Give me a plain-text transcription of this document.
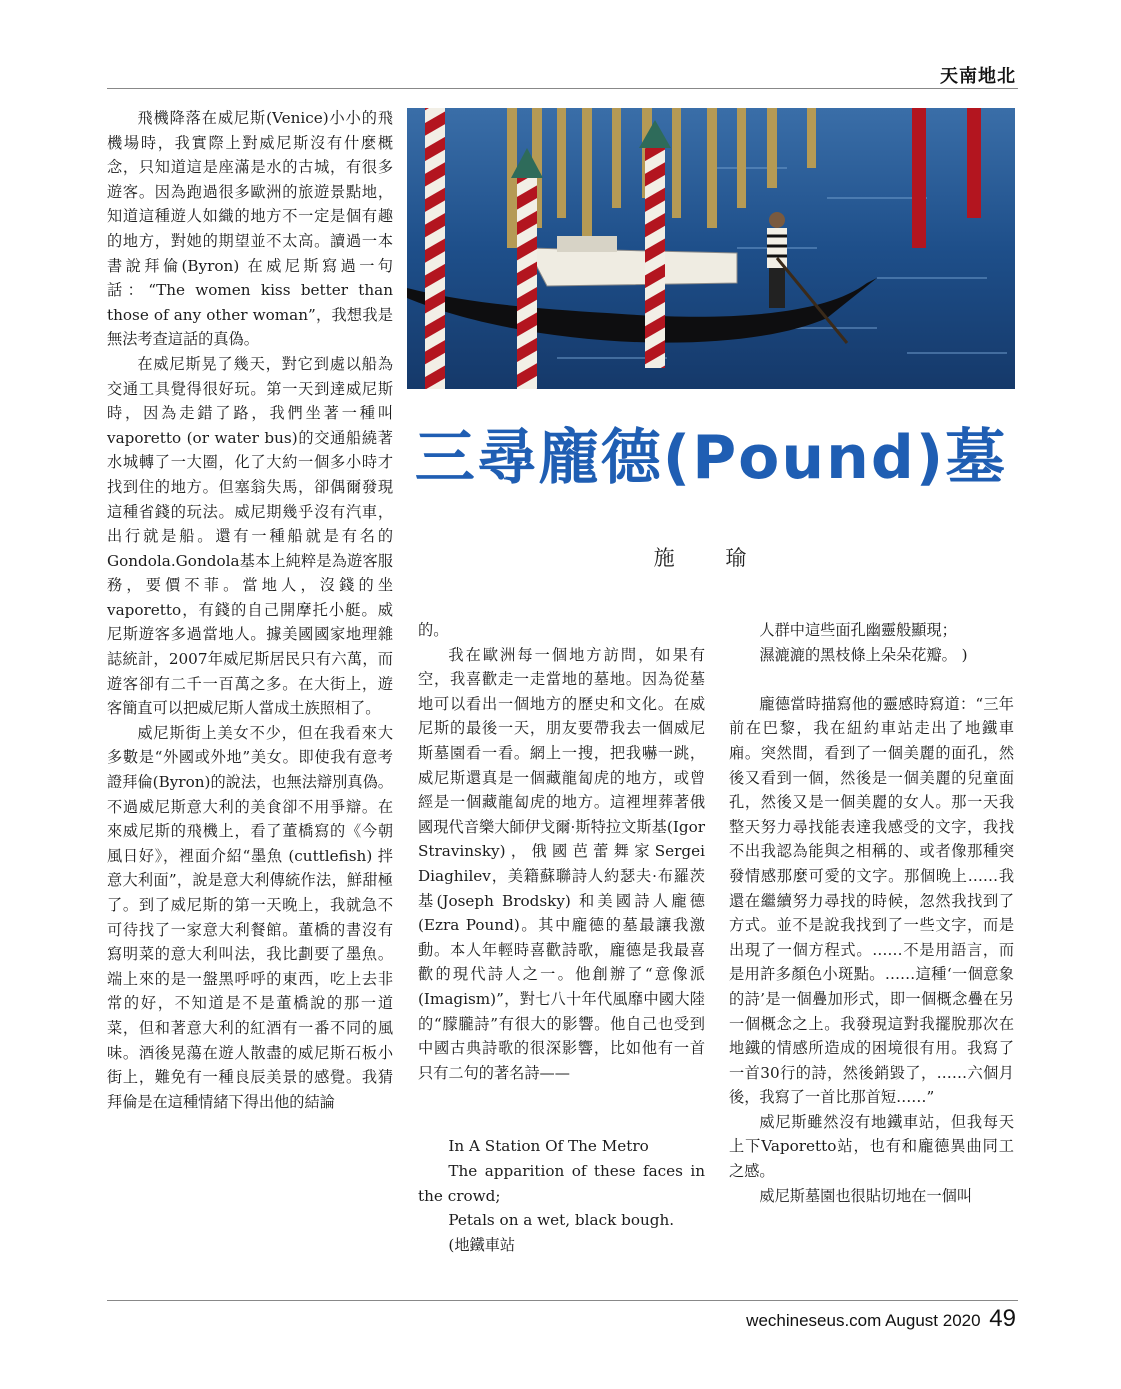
天南地北
三尋龐德(Pound)墓
施 瑜

飛機降落在威尼斯(Venice)小小的飛機場時，我實際上對威尼斯沒有什麼概念，只知道這是座滿是水的古城，有很多遊客。因為跑過很多歐洲的旅遊景點地，知道這種遊人如織的地方不一定是個有趣的地方，對她的期望並不太高。讀過一本書說拜倫(Byron) 在威尼斯寫過一句話：“The women kiss better than those of any other woman”，我想我是無法考查這話的真偽。

在威尼斯晃了幾天，對它到處以船為交通工具覺得很好玩。第一天到達威尼斯時，因為走錯了路，我們坐著一種叫vaporetto (or water bus)的交通船繞著水城轉了一大圈，化了大約一個多小時才找到住的地方。但塞翁失馬，卻偶爾發現這種省錢的玩法。威尼期幾乎沒有汽車，出行就是船。還有一種船就是有名的Gondola.Gondola基本上純粹是為遊客服務，要價不菲。當地人，沒錢的坐vaporetto，有錢的自己開摩托小艇。威尼斯遊客多過當地人。據美國國家地理雜誌統計，2007年威尼斯居民只有六萬，而遊客卻有二千一百萬之多。在大街上，遊客簡直可以把威尼斯人當成土族照相了。

威尼斯街上美女不少，但在我看來大多數是“外國或外地”美女。即使我有意考證拜倫(Byron)的說法，也無法辯別真偽。不過威尼斯意大利的美食卻不用爭辯。在來威尼斯的飛機上，看了董橋寫的《今朝風日好》，裡面介紹“墨魚 (cuttlefish) 拌意大利面”，說是意大利傳統作法，鮮甜極了。到了威尼斯的第一天晚上，我就急不可待找了一家意大利餐館。董橋的書沒有寫明菜的意大利叫法，我比劃要了墨魚。端上來的是一盤黑呼呼的東西，吃上去非常的好，不知道是不是董橋說的那一道菜，但和著意大利的紅酒有一番不同的風味。酒後晃蕩在遊人散盡的威尼斯石板小街上，難免有一種良辰美景的感覺。我猜拜倫是在這種情緒下得出他的結論

的。

我在歐洲每一個地方訪問，如果有空，我喜歡走一走當地的墓地。因為從墓地可以看出一個地方的歷史和文化。在威尼斯的最後一天，朋友要帶我去一個威尼斯墓園看一看。網上一搜，把我嚇一跳，威尼斯還真是一個藏龍匐虎的地方，或曾經是一個藏龍匐虎的地方。這裡埋葬著俄國現代音樂大師伊戈爾·斯特拉文斯基(Igor Stravinsky)，俄國芭蕾舞家Sergei Diaghilev，美籍蘇聯詩人約瑟夫·布羅茨基(Joseph Brodsky) 和美國詩人龐德(Ezra Pound)。其中龐德的墓最讓我激動。本人年輕時喜歡詩歌，龐德是我最喜歡的現代詩人之一。他創辦了“意像派 (Imagism)”，對七八十年代風靡中國大陸的“朦朧詩”有很大的影響。他自己也受到中國古典詩歌的很深影響，比如他有一首只有二句的著名詩——

In A Station Of The Metro

The apparition of these faces in the crowd;

Petals on a wet, black bough.

(地鐵車站

人群中這些面孔幽靈般顯現；

濕漉漉的黑枝條上朵朵花瓣。 )

龐德當時描寫他的靈感時寫道：“三年前在巴黎，我在紐約車站走出了地鐵車廂。突然間，看到了一個美麗的面孔，然後又看到一個，然後是一個美麗的兒童面孔，然後又是一個美麗的女人。那一天我整天努力尋找能表達我感受的文字，我找不出我認為能與之相稱的、或者像那種突發情感那麼可愛的文字。那個晚上……我還在繼續努力尋找的時候，忽然我找到了方式。並不是說我找到了一些文字，而是出現了一個方程式。……不是用語言，而是用許多顏色小斑點。……這種‘一個意象的詩’是一個疊加形式，即一個概念疊在另一個概念之上。我發現這對我擺脫那次在地鐵的情感所造成的困境很有用。我寫了一首30行的詩，然後銷毀了，……六個月後，我寫了一首比那首短……”

威尼斯雖然沒有地鐵車站，但我每天上下Vaporetto站，也有和龐德異曲同工之感。

威尼斯墓園也很貼切地在一個叫

wechineseus.com August 2020 49
